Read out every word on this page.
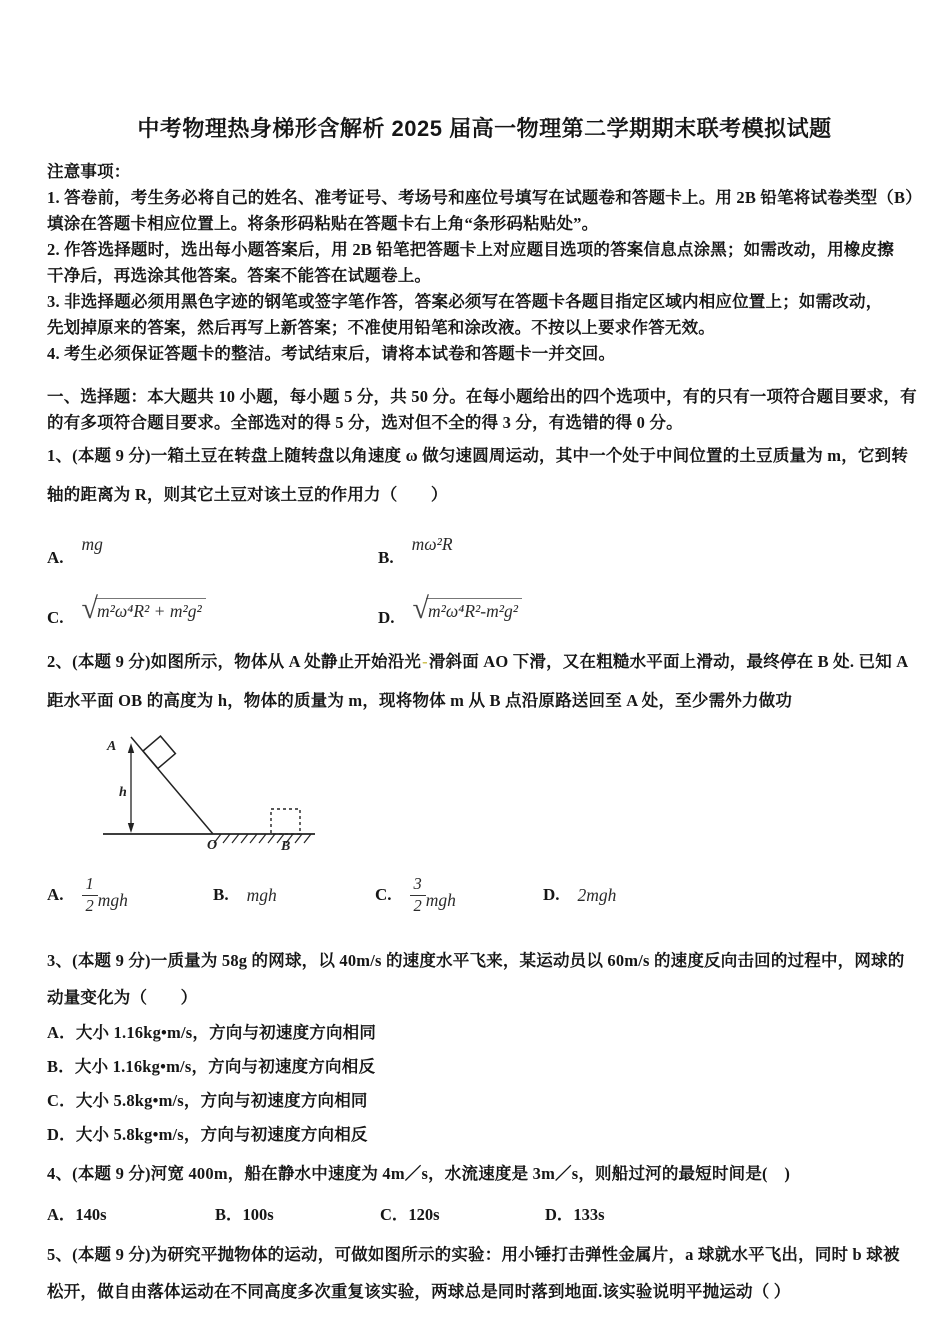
中考物理热身梯形含解析 2025 届高一物理第二学期期末联考模拟试题

注意事项：

1. 答卷前，考生务必将自己的姓名、准考证号、考场号和座位号填写在试题卷和答题卡上。用 2B 铅笔将试卷类型（B）

填涂在答题卡相应位置上。将条形码粘贴在答题卡右上角“条形码粘贴处”。

2. 作答选择题时，选出每小题答案后，用 2B 铅笔把答题卡上对应题目选项的答案信息点涂黑；如需改动，用橡皮擦

干净后，再选涂其他答案。答案不能答在试题卷上。

3. 非选择题必须用黑色字迹的钢笔或签字笔作答，答案必须写在答题卡各题目指定区域内相应位置上；如需改动，

先划掉原来的答案，然后再写上新答案；不准使用铅笔和涂改液。不按以上要求作答无效。

4. 考生必须保证答题卡的整洁。考试结束后，请将本试卷和答题卡一并交回。

一、选择题：本大题共 10 小题，每小题 5 分，共 50 分。在每小题给出的四个选项中，有的只有一项符合题目要求，有

的有多项符合题目要求。全部选对的得 5 分，选对但不全的得 3 分，有选错的得 0 分。

1、(本题 9 分)一箱土豆在转盘上随转盘以角速度 ω 做匀速圆周运动，其中一个处于中间位置的土豆质量为 m，它到转

轴的距离为 R，则其它土豆对该土豆的作用力（　　）

A.
mg
B.
mω²R
C. √ m²ω⁴R² + m²g²	D. √ m²ω⁴R²-m²g²

2、(本题 9 分)如图所示，物体从 A 处静止开始沿光-滑斜面 AO 下滑，又在粗糙水平面上滑动，最终停在 B 处. 已知 A

距水平面 OB 的高度为 h，物体的质量为 m，现将物体 m 从 B 点沿原路送回至 A 处，至少需外力做功

A
h
O	B
A. $\frac{1}{2}$ mgh	B. mgh	C. $\frac{3}{2}$ mgh	D. 2mgh

3、(本题 9 分)一质量为 58g 的网球，以 40m/s 的速度水平飞来，某运动员以 60m/s 的速度反向击回的过程中，网球的

动量变化为（　　）

A．大小 1.16kg•m/s，方向与初速度方向相同

B．大小 1.16kg•m/s，方向与初速度方向相反

C．大小 5.8kg•m/s，方向与初速度方向相同

D．大小 5.8kg•m/s，方向与初速度方向相反

4、(本题 9 分)河宽 400m，船在静水中速度为 4m／s，水流速度是 3m／s，则船过河的最短时间是(　)

A．140s	B．100s	C．120s	D．133s

5、(本题 9 分)为研究平抛物体的运动，可做如图所示的实验：用小锤打击弹性金属片，a 球就水平飞出，同时 b 球被

松开，做自由落体运动在不同高度多次重复该实验，两球总是同时落到地面.该实验说明平抛运动（ ）
